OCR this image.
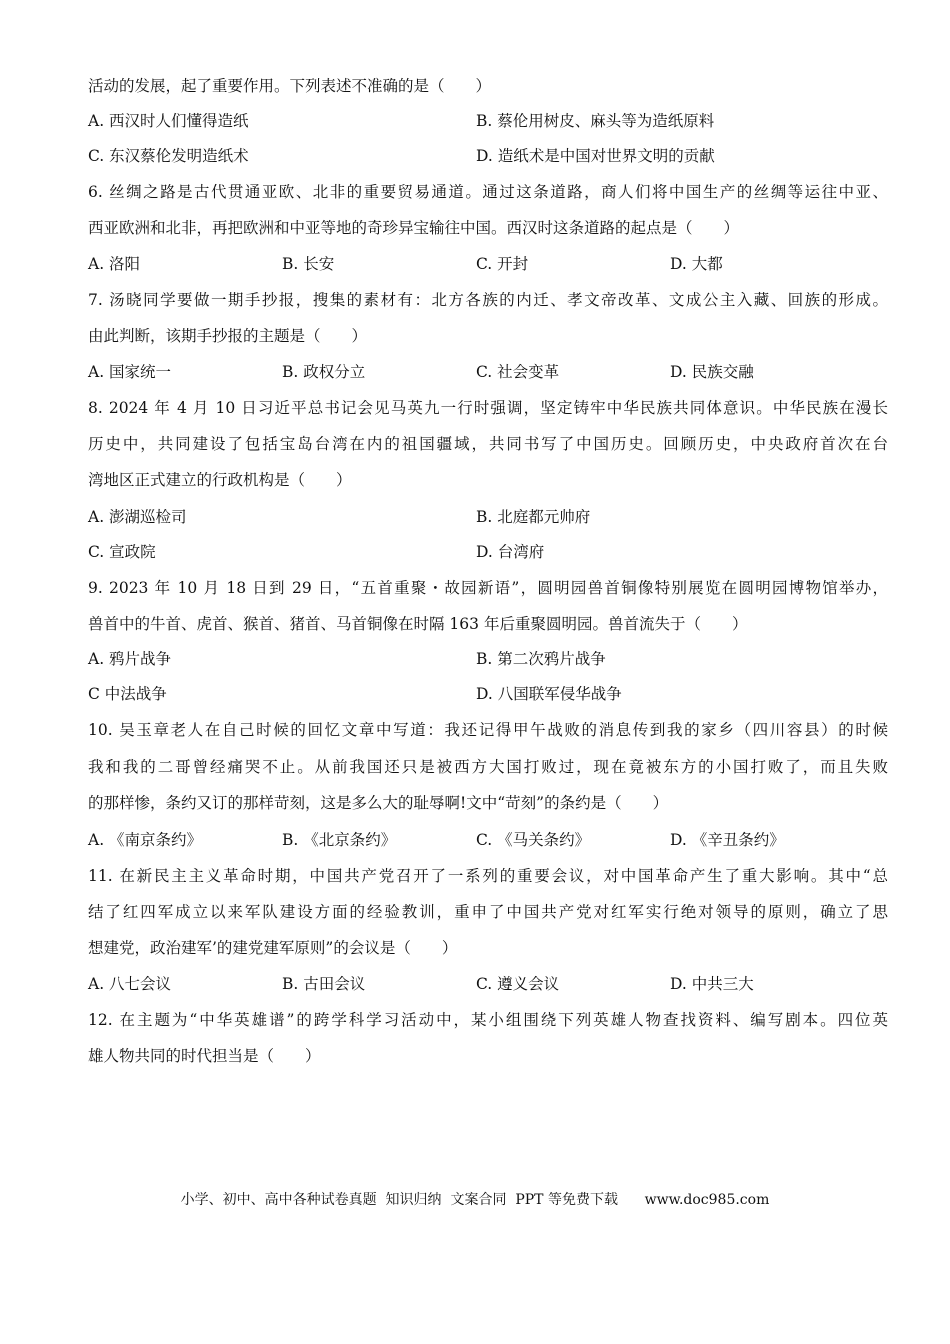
活动的发展，起了重要作用。下列表述不准确的是（　　）
A. 西汉时人们懂得造纸	B. 蔡伦用树皮、麻头等为造纸原料
C. 东汉蔡伦发明造纸术	D. 造纸术是中国对世界文明的贡献
6. 丝绸之路是古代贯通亚欧、北非的重要贸易通道。通过这条道路，商人们将中国生产的丝绸等运往中亚、
西亚欧洲和北非，再把欧洲和中亚等地的奇珍异宝输往中国。西汉时这条道路的起点是（　　）
A. 洛阳	B. 长安	C. 开封	D. 大都
7. 汤晓同学要做一期手抄报，搜集的素材有：北方各族的内迁、孝文帝改革、文成公主入藏、回族的形成。
由此判断，该期手抄报的主题是（　　）
A. 国家统一	B. 政权分立	C. 社会变革	D. 民族交融
8. 2024 年 4 月 10 日习近平总书记会见马英九一行时强调，坚定铸牢中华民族共同体意识。中华民族在漫长
历史中，共同建设了包括宝岛台湾在内的祖国疆域，共同书写了中国历史。回顾历史，中央政府首次在台
湾地区正式建立的行政机构是（　　）
A. 澎湖巡检司	B. 北庭都元帅府
C. 宣政院	D. 台湾府
9. 2023 年 10 月 18 日到 29 日，“五首重聚・故园新语”，圆明园兽首铜像特别展览在圆明园博物馆举办，
兽首中的牛首、虎首、猴首、猪首、马首铜像在时隔 163 年后重聚圆明园。兽首流失于（　　）
A. 鸦片战争	B. 第二次鸦片战争
C 中法战争	D. 八国联军侵华战争
10. 吴玉章老人在自己时候的回忆文章中写道：我还记得甲午战败的消息传到我的家乡（四川容县）的时候
我和我的二哥曾经痛哭不止。从前我国还只是被西方大国打败过，现在竟被东方的小国打败了，而且失败
的那样惨，条约又订的那样苛刻，这是多么大的耻辱啊!文中“苛刻”的条约是（　　）
A. 《南京条约》	B. 《北京条约》	C. 《马关条约》	D. 《辛丑条约》
11. 在新民主主义革命时期，中国共产党召开了一系列的重要会议，对中国革命产生了重大影响。其中“总
结了红四军成立以来军队建设方面的经验教训，重申了中国共产党对红军实行绝对领导的原则，确立了思
想建党，政治建军’的建党建军原则”的会议是（　　）
A. 八七会议	B. 古田会议	C. 遵义会议	D. 中共三大
12. 在主题为“中华英雄谱”的跨学科学习活动中，某小组围绕下列英雄人物查找资料、编写剧本。四位英
雄人物共同的时代担当是（　　）
小学、初中、高中各种试卷真题  知识归纳  文案合同  PPT 等免费下载      www.doc985.com
